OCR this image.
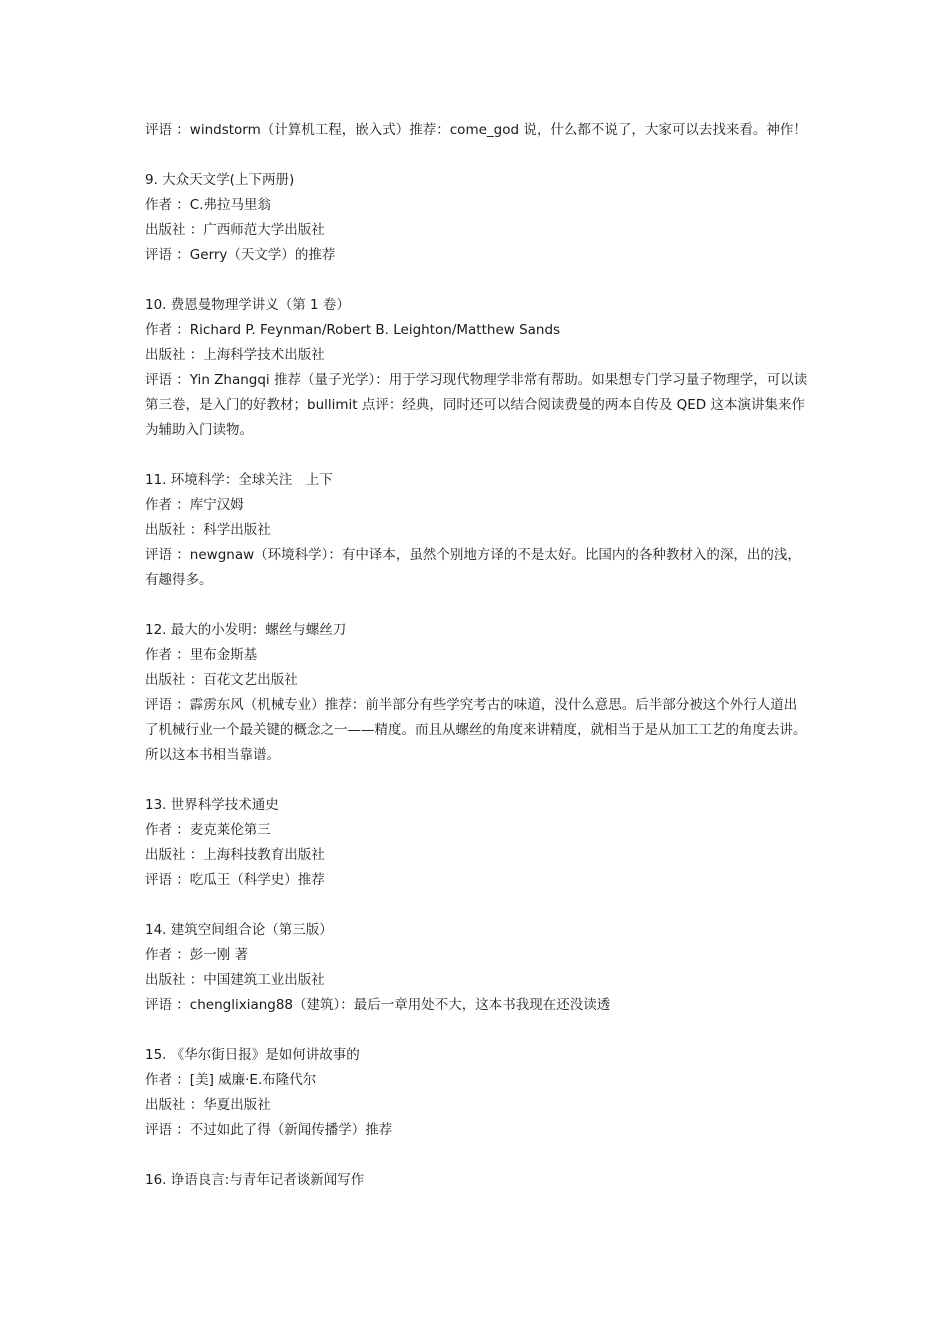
评语 ：windstorm（计算机工程，嵌入式）推荐：come_god 说，什么都不说了，大家可以去找来看。神作！
9. 大众天文学(上下两册)
作者 ：C.弗拉马里翁
出版社 ：广西师范大学出版社
评语 ：Gerry（天文学）的推荐
10. 费恩曼物理学讲义（第 1 卷）
作者 ：Richard P. Feynman/Robert B. Leighton/Matthew Sands
出版社 ：上海科学技术出版社
评语 ：Yin Zhangqi 推荐（量子光学）：用于学习现代物理学非常有帮助。如果想专门学习量子物理学，可以读第三卷，是入门的好教材；bullimit 点评：经典，同时还可以结合阅读费曼的两本自传及 QED 这本演讲集来作为辅助入门读物。
11. 环境科学：全球关注　上下
作者 ：库宁汉姆
出版社 ：科学出版社
评语 ：newgnaw（环境科学）：有中译本，虽然个别地方译的不是太好。比国内的各种教材入的深，出的浅，有趣得多。
12. 最大的小发明：螺丝与螺丝刀
作者 ：里布金斯基
出版社 ：百花文艺出版社
评语 ：霹雳东风（机械专业）推荐：前半部分有些学究考古的味道，没什么意思。后半部分被这个外行人道出了机械行业一个最关键的概念之一——精度。而且从螺丝的角度来讲精度，就相当于是从加工工艺的角度去讲。所以这本书相当靠谱。
13. 世界科学技术通史
作者 ：麦克莱伦第三
出版社 ：上海科技教育出版社
评语 ：吃瓜王（科学史）推荐
14. 建筑空间组合论（第三版）
作者 ：彭一刚 著
出版社 ：中国建筑工业出版社
评语 ：chenglixiang88（建筑）：最后一章用处不大，这本书我现在还没读透
15. 《华尔街日报》是如何讲故事的
作者 ：[美] 威廉·E.布隆代尔
出版社 ：华夏出版社
评语 ：不过如此了得（新闻传播学）推荐
16. 诤语良言:与青年记者谈新闻写作
